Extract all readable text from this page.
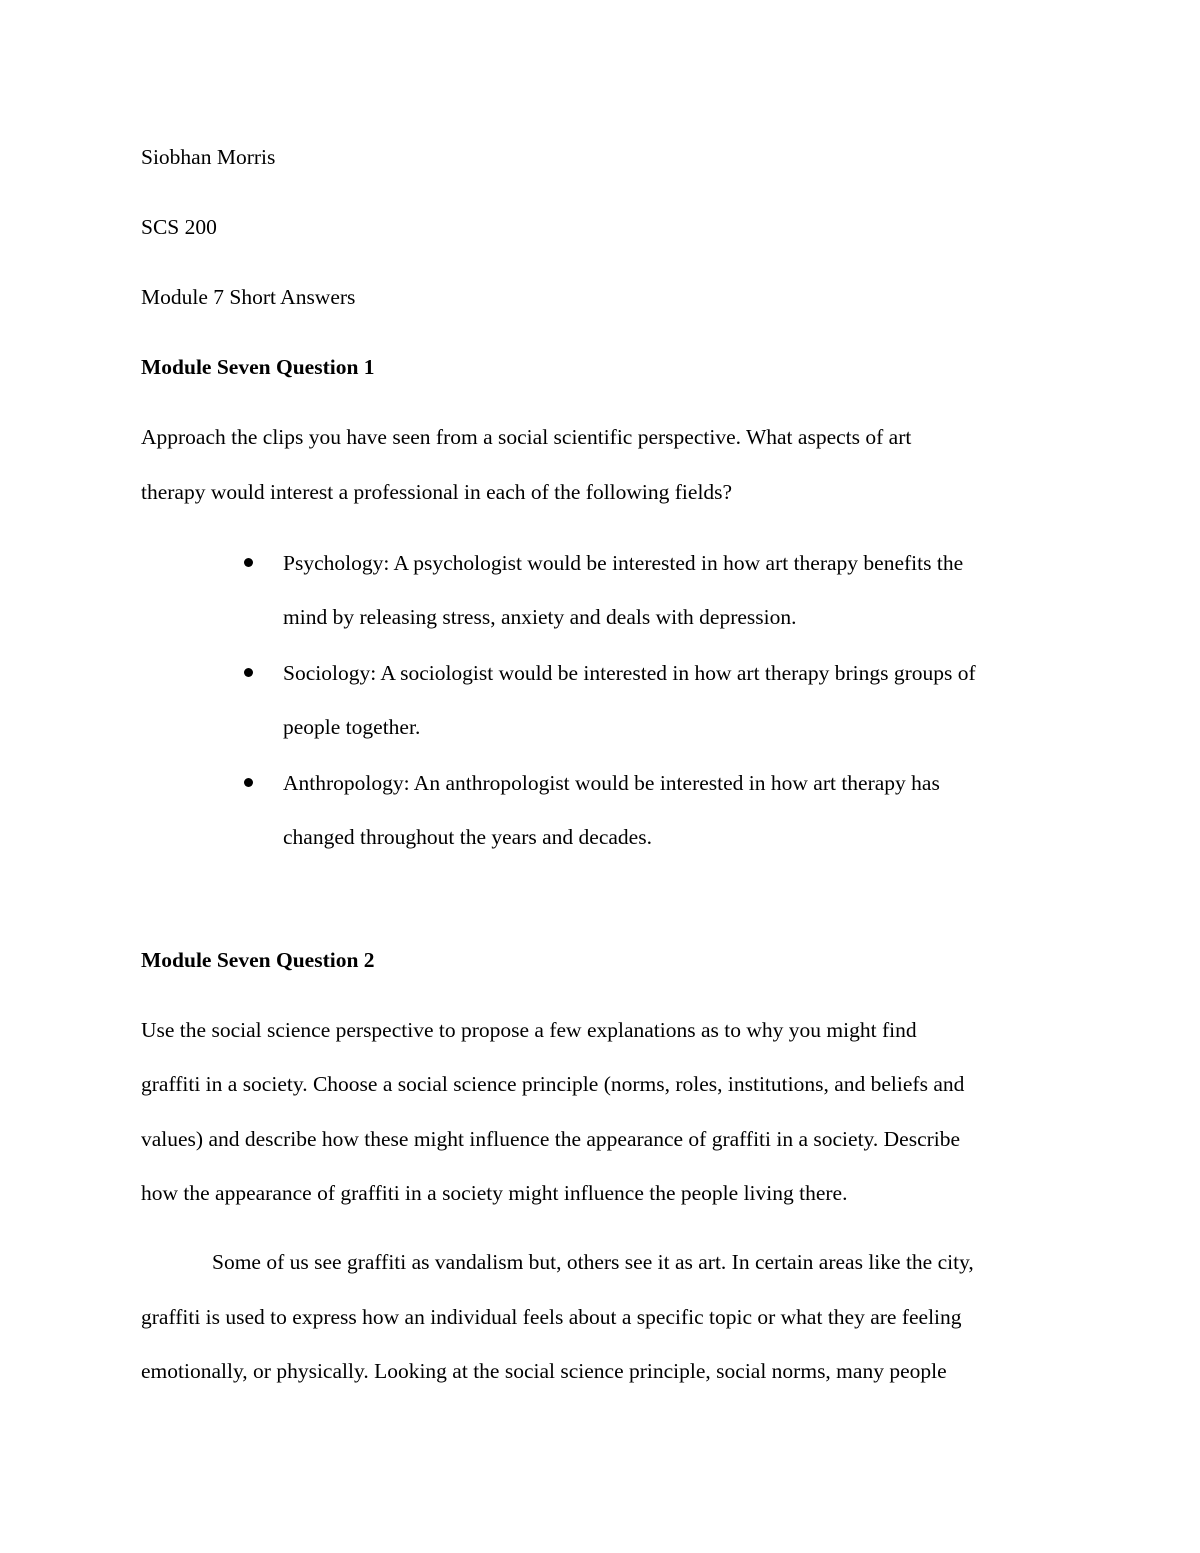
Siobhan Morris
SCS 200
Module 7 Short Answers
Module Seven Question 1
Approach the clips you have seen from a social scientific perspective. What aspects of art
therapy would interest a professional in each of the following fields?
Psychology: A psychologist would be interested in how art therapy benefits the
mind by releasing stress, anxiety and deals with depression.
Sociology: A sociologist would be interested in how art therapy brings groups of
people together.
Anthropology: An anthropologist would be interested in how art therapy has
changed throughout the years and decades.
Module Seven Question 2
Use the social science perspective to propose a few explanations as to why you might find
graffiti in a society. Choose a social science principle (norms, roles, institutions, and beliefs and
values) and describe how these might influence the appearance of graffiti in a society. Describe
how the appearance of graffiti in a society might influence the people living there.
Some of us see graffiti as vandalism but, others see it as art. In certain areas like the city,
graffiti is used to express how an individual feels about a specific topic or what they are feeling
emotionally, or physically. Looking at the social science principle, social norms, many people
